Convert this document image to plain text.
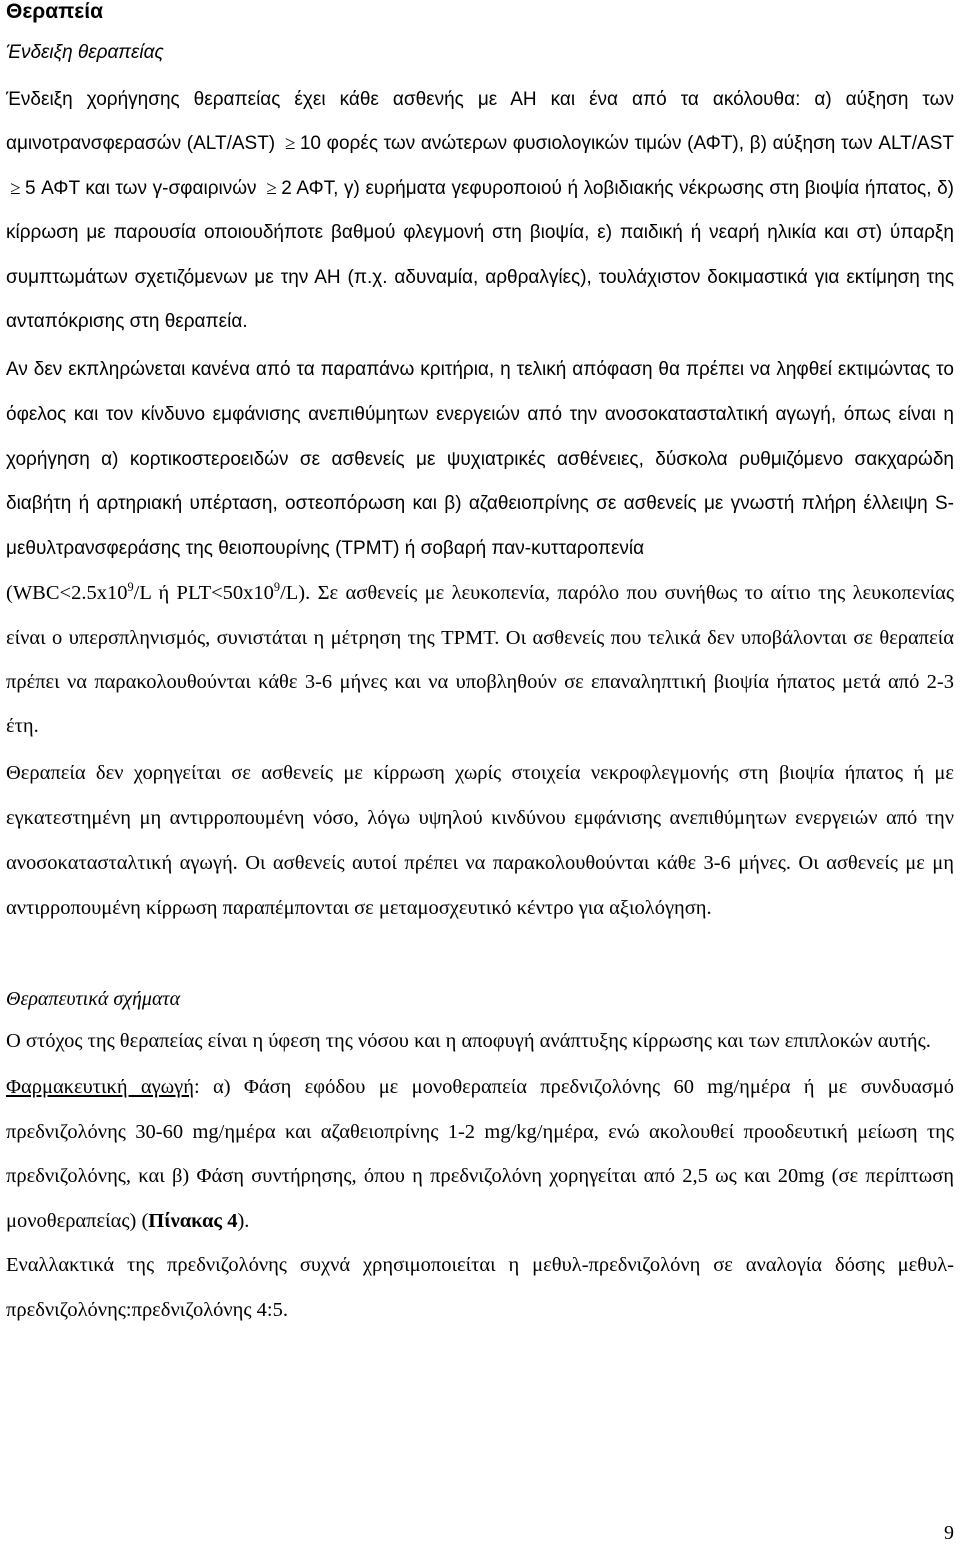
Θεραπεία
Ένδειξη θεραπείας

Ένδειξη χορήγησης θεραπείας έχει κάθε ασθενής με ΑΗ και ένα από τα ακόλουθα: α) αύξηση των αμινοτρανσφερασών (ALT/AST) ≥ 10 φορές των ανώτερων φυσιολογικών τιμών (ΑΦΤ), β) αύξηση των ALT/AST ≥ 5 ΑΦΤ και των γ-σφαιρινών ≥ 2 ΑΦΤ, γ) ευρήματα γεφυροποιού ή λοβιδιακής νέκρωσης στη βιοψία ήπατος, δ) κίρρωση με παρουσία οποιουδήποτε βαθμού φλεγμονή στη βιοψία, ε) παιδική ή νεαρή ηλικία και στ) ύπαρξη συμπτωμάτων σχετιζόμενων με την ΑΗ (π.χ. αδυναμία, αρθραλγίες), τουλάχιστον δοκιμαστικά για εκτίμηση της ανταπόκρισης στη θεραπεία.

Αν δεν εκπληρώνεται κανένα από τα παραπάνω κριτήρια, η τελική απόφαση θα πρέπει να ληφθεί εκτιμώντας το όφελος και τον κίνδυνο εμφάνισης ανεπιθύμητων ενεργειών από την ανοσοκατασταλτική αγωγή, όπως είναι η χορήγηση α) κορτικοστεροειδών σε ασθενείς με ψυχιατρικές ασθένειες, δύσκολα ρυθμιζόμενο σακχαρώδη διαβήτη ή αρτηριακή υπέρταση, οστεοπόρωση και β) αζαθειοπρίνης σε ασθενείς με γνωστή πλήρη έλλειψη S-μεθυλτρανσφεράσης της θειοπουρίνης (TPMT) ή σοβαρή παν-κυτταροπενία

($WBC<2.5x10^9/L$ ή $PLT<50x10^9/L$). Σε ασθενείς με λευκοπενία, παρόλο που συνήθως το αίτιο της λευκοπενίας είναι ο υπερσπληνισμός, συνιστάται η μέτρηση της TPMT. Οι ασθενείς που τελικά δεν υποβάλονται σε θεραπεία πρέπει να παρακολουθούνται κάθε 3-6 μήνες και να υποβληθούν σε επαναληπτική βιοψία ήπατος μετά από 2-3 έτη.

Θεραπεία δεν χορηγείται σε ασθενείς με κίρρωση χωρίς στοιχεία νεκροφλεγμονής στη βιοψία ήπατος ή με εγκατεστημένη μη αντιρροπουμένη νόσο, λόγω υψηλού κινδύνου εμφάνισης ανεπιθύμητων ενεργειών από την ανοσοκατασταλτική αγωγή. Οι ασθενείς αυτοί πρέπει να παρακολουθούνται κάθε 3-6 μήνες. Οι ασθενείς με μη αντιρροπουμένη κίρρωση παραπέμπονται σε μεταμοσχευτικό κέντρο για αξιολόγηση.

Θεραπευτικά σχήματα

Ο στόχος της θεραπείας είναι η ύφεση της νόσου και η αποφυγή ανάπτυξης κίρρωσης και των επιπλοκών αυτής.

Φαρμακευτική αγωγή: α) Φάση εφόδου με μονοθεραπεία πρεδνιζολόνης 60 mg/ημέρα ή με συνδυασμό πρεδνιζολόνης 30-60 mg/ημέρα και αζαθειοπρίνης 1-2 mg/kg/ημέρα, ενώ ακολουθεί προοδευτική μείωση της πρεδνιζολόνης, και β) Φάση συντήρησης, όπου η πρεδνιζολόνη χορηγείται από 2,5 ως και 20mg (σε περίπτωση μονοθεραπείας) (Πίνακας 4).

Εναλλακτικά της πρεδνιζολόνης συχνά χρησιμοποιείται η μεθυλ-πρεδνιζολόνη σε αναλογία δόσης μεθυλ-πρεδνιζολόνης:πρεδνιζολόνης 4:5.

9
